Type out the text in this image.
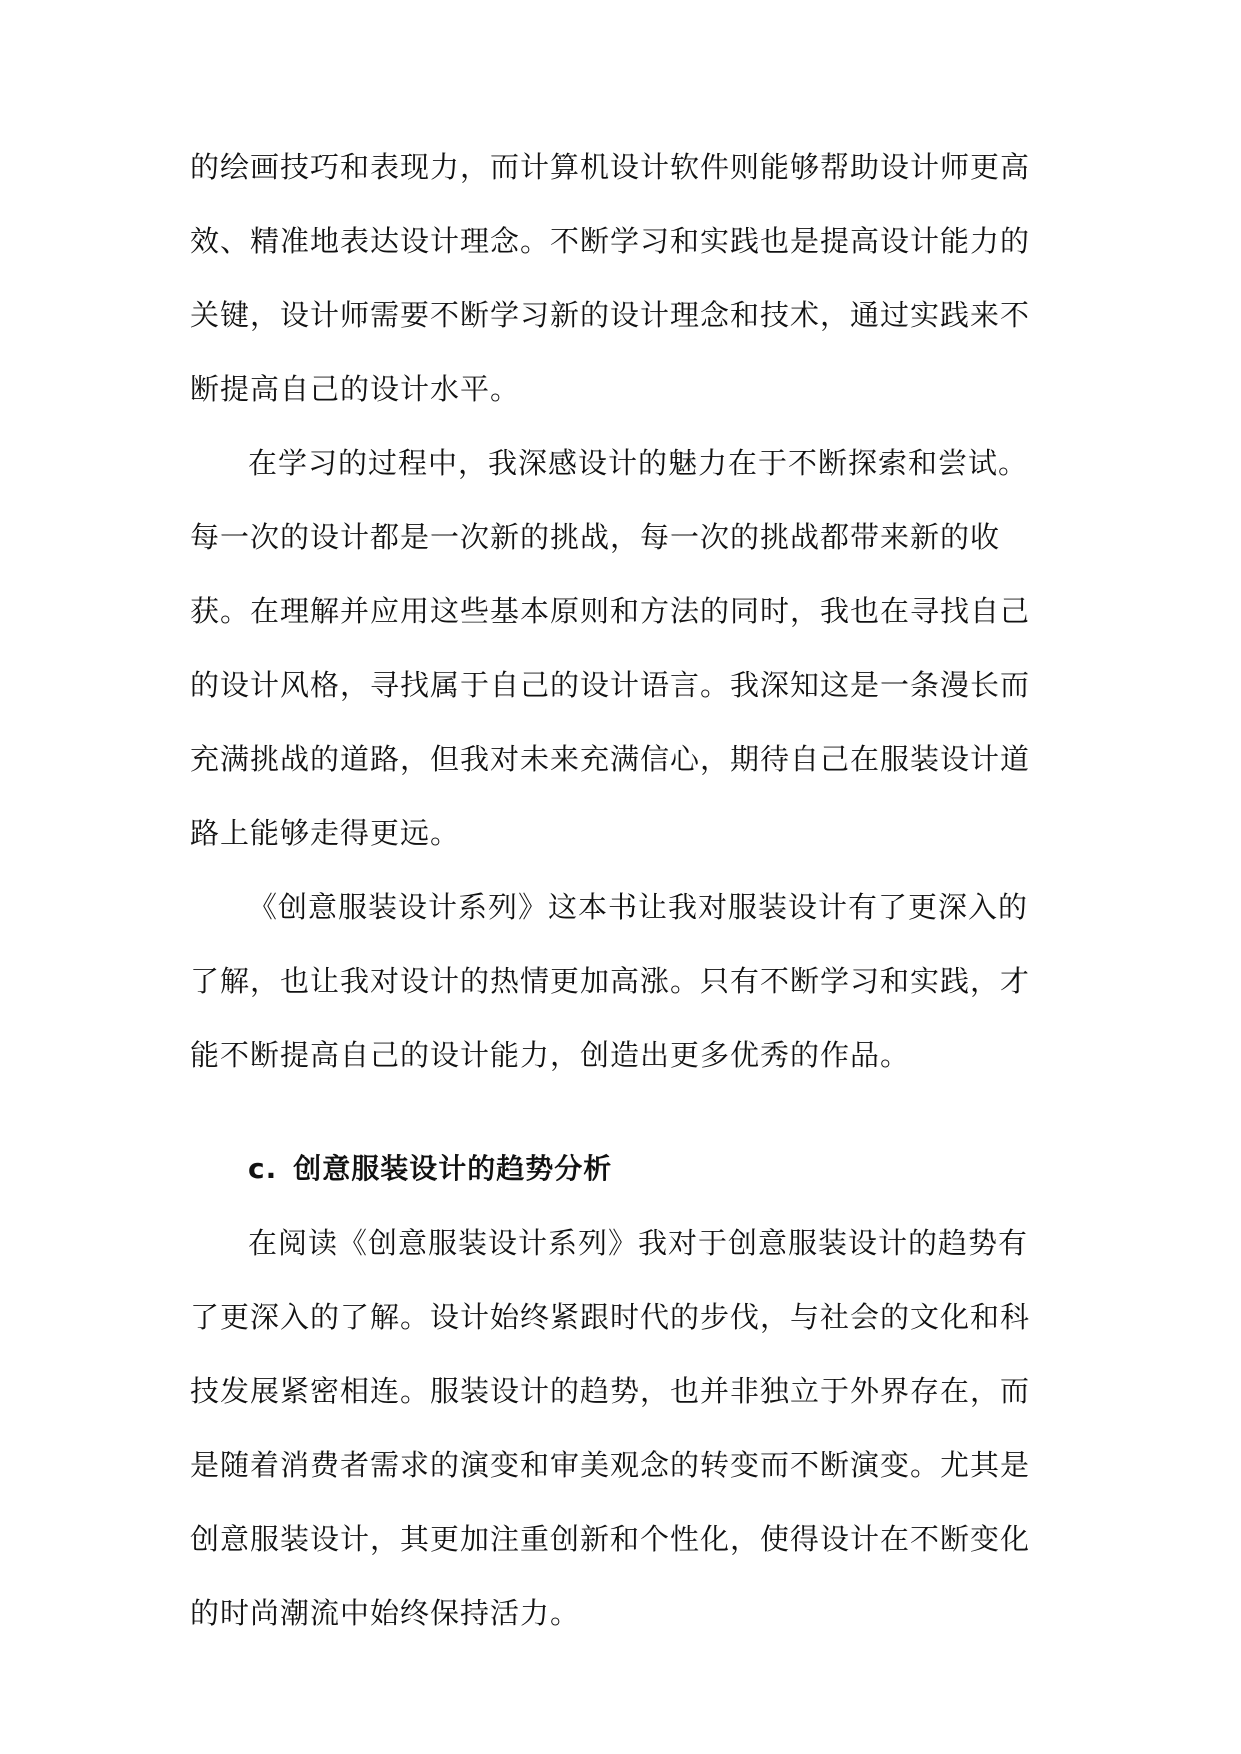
的绘画技巧和表现力，而计算机设计软件则能够帮助设计师更高效、精准地表达设计理念。不断学习和实践也是提高设计能力的关键，设计师需要不断学习新的设计理念和技术，通过实践来不断提高自己的设计水平。

在学习的过程中，我深感设计的魅力在于不断探索和尝试。每一次的设计都是一次新的挑战，每一次的挑战都带来新的收获。在理解并应用这些基本原则和方法的同时，我也在寻找自己的设计风格，寻找属于自己的设计语言。我深知这是一条漫长而充满挑战的道路，但我对未来充满信心，期待自己在服装设计道路上能够走得更远。

《创意服装设计系列》这本书让我对服装设计有了更深入的了解，也让我对设计的热情更加高涨。只有不断学习和实践，才能不断提高自己的设计能力，创造出更多优秀的作品。

c. 创意服装设计的趋势分析

在阅读《创意服装设计系列》我对于创意服装设计的趋势有了更深入的了解。设计始终紧跟时代的步伐，与社会的文化和科技发展紧密相连。服装设计的趋势，也并非独立于外界存在，而是随着消费者需求的演变和审美观念的转变而不断演变。尤其是创意服装设计，其更加注重创新和个性化，使得设计在不断变化的时尚潮流中始终保持活力。
